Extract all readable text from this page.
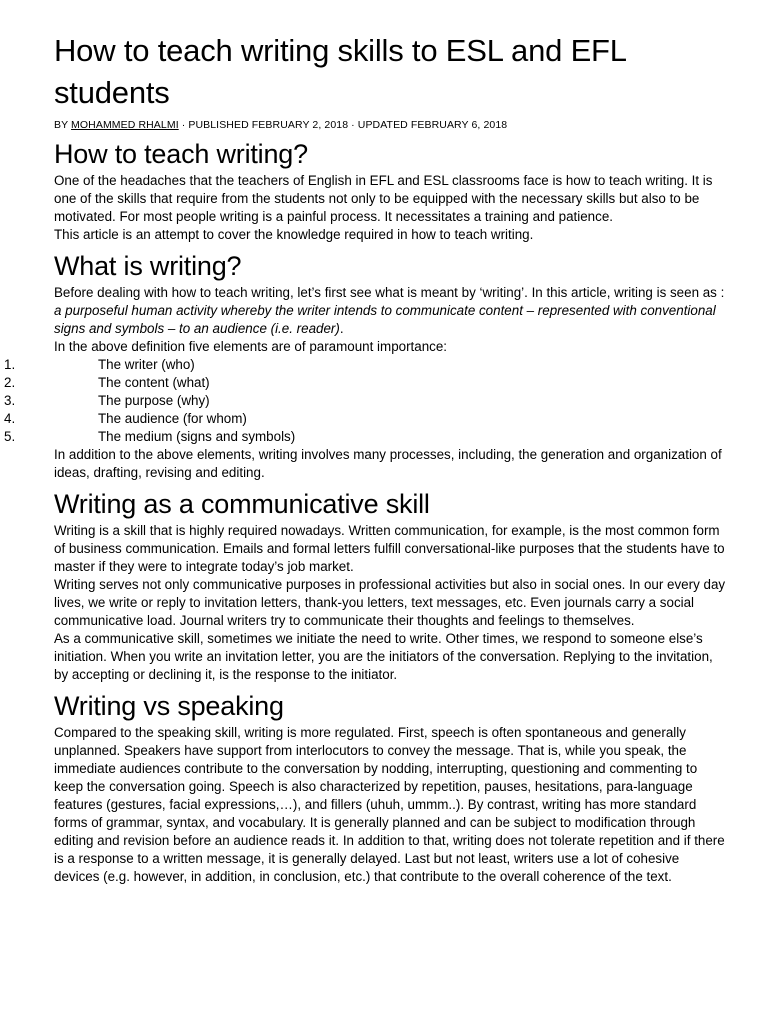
How to teach writing skills to ESL and EFL students
BY MOHAMMED RHALMI · PUBLISHED FEBRUARY 2, 2018 · UPDATED FEBRUARY 6, 2018
How to teach writing?

One of the headaches that the teachers of English in EFL and ESL classrooms face is how to teach writing. It is one of the skills that require from the students not only to be equipped with the necessary skills but also to be motivated. For most people writing is a painful process. It necessitates a training and patience.

This article is an attempt to cover the knowledge required in how to teach writing.

What is writing?

Before dealing with how to teach writing, let’s first see what is meant by ‘writing’. In this article, writing is seen as :

a purposeful human activity whereby the writer intends to communicate content – represented with conventional signs and symbols – to an audience (i.e. reader).

In the above definition five elements are of paramount importance:

1.	The writer (who)
2.	The content (what)
3.	The purpose (why)
4.	The audience (for whom)
5.	The medium (signs and symbols)

In addition to the above elements, writing involves many processes, including, the generation and organization of ideas, drafting, revising and editing.

Writing as a communicative skill

Writing is a skill that is highly required nowadays. Written communication, for example, is the most common form of business communication. Emails and formal letters fulfill conversational-like purposes that the students have to master if they were to integrate today’s job market.

Writing serves not only communicative purposes in professional activities but also in social ones. In our every day lives, we write or reply to invitation letters, thank-you letters, text messages, etc. Even journals carry a social communicative load. Journal writers try to communicate their thoughts and feelings to themselves.

As a communicative skill, sometimes we initiate the need to write. Other times, we respond to someone else’s initiation. When you write an invitation letter, you are the initiators of the conversation. Replying to the invitation, by accepting or declining it, is the response to the initiator.

Writing vs speaking

Compared to the speaking skill, writing is more regulated. First, speech is often spontaneous and generally unplanned. Speakers have support from interlocutors to convey the message. That is, while you speak, the immediate audiences contribute to the conversation by nodding, interrupting, questioning and commenting to keep the conversation going. Speech is also characterized by repetition, pauses, hesitations, para-language features (gestures, facial expressions,…), and fillers (uhuh, ummm..). By contrast, writing has more standard forms of grammar, syntax, and vocabulary. It is generally planned and can be subject to modification through editing and revision before an audience reads it. In addition to that, writing does not tolerate repetition and if there is a response to a written message, it is generally delayed. Last but not least, writers use a lot of cohesive devices (e.g. however, in addition, in conclusion, etc.) that contribute to the overall coherence of the text.
